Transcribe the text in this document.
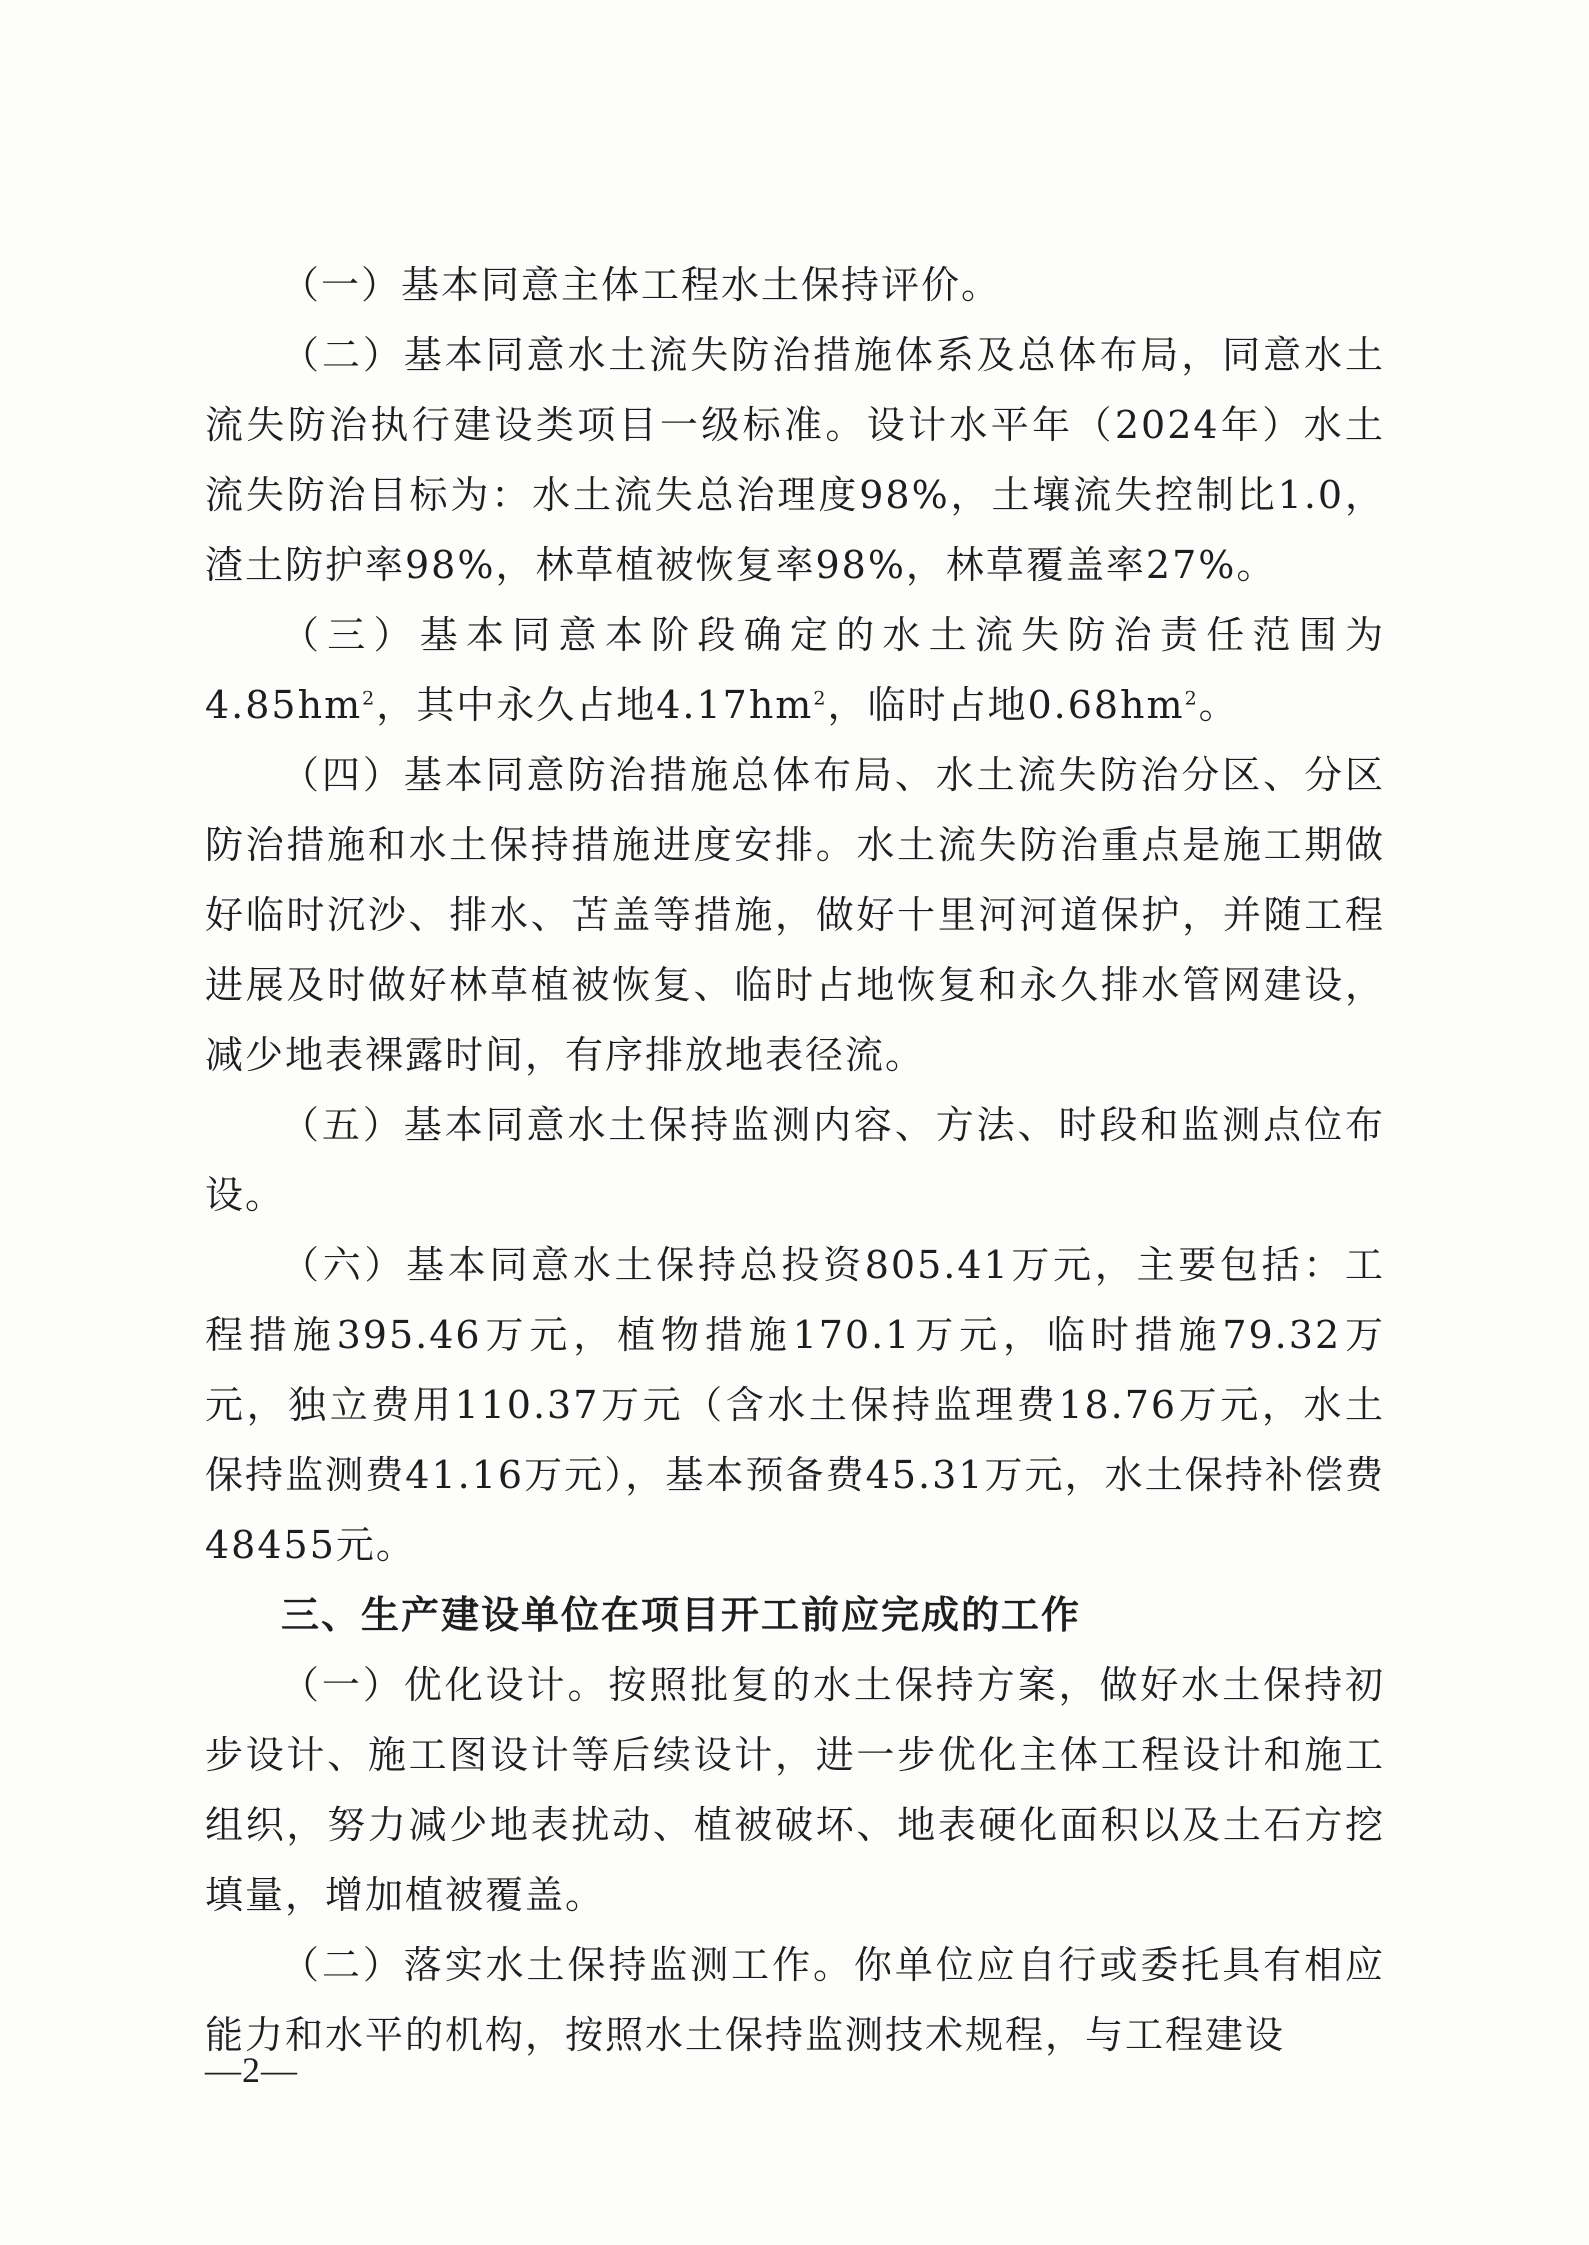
（一）基本同意主体工程水土保持评价。

（二）基本同意水土流失防治措施体系及总体布局，同意水土流失防治执行建设类项目一级标准。设计水平年（2024年）水土流失防治目标为：水土流失总治理度98%，土壤流失控制比1.0，渣土防护率98%，林草植被恢复率98%，林草覆盖率27%。

（三）基本同意本阶段确定的水土流失防治责任范围为$4.85hm^2$，其中永久占地$4.17hm^2$，临时占地$0.68hm^2$。

（四）基本同意防治措施总体布局、水土流失防治分区、分区防治措施和水土保持措施进度安排。水土流失防治重点是施工期做好临时沉沙、排水、苫盖等措施，做好十里河河道保护，并随工程进展及时做好林草植被恢复、临时占地恢复和永久排水管网建设，减少地表裸露时间，有序排放地表径流。

（五）基本同意水土保持监测内容、方法、时段和监测点位布设。

（六）基本同意水土保持总投资805.41万元，主要包括：工程措施395.46万元，植物措施170.1万元，临时措施79.32万元，独立费用110.37万元（含水土保持监理费18.76万元，水土保持监测费41.16万元），基本预备费45.31万元，水土保持补偿费48455元。

三、生产建设单位在项目开工前应完成的工作

（一）优化设计。按照批复的水土保持方案，做好水土保持初步设计、施工图设计等后续设计，进一步优化主体工程设计和施工组织，努力减少地表扰动、植被破坏、地表硬化面积以及土石方挖填量，增加植被覆盖。

（二）落实水土保持监测工作。你单位应自行或委托具有相应能力和水平的机构，按照水土保持监测技术规程，与工程建设

—2—
